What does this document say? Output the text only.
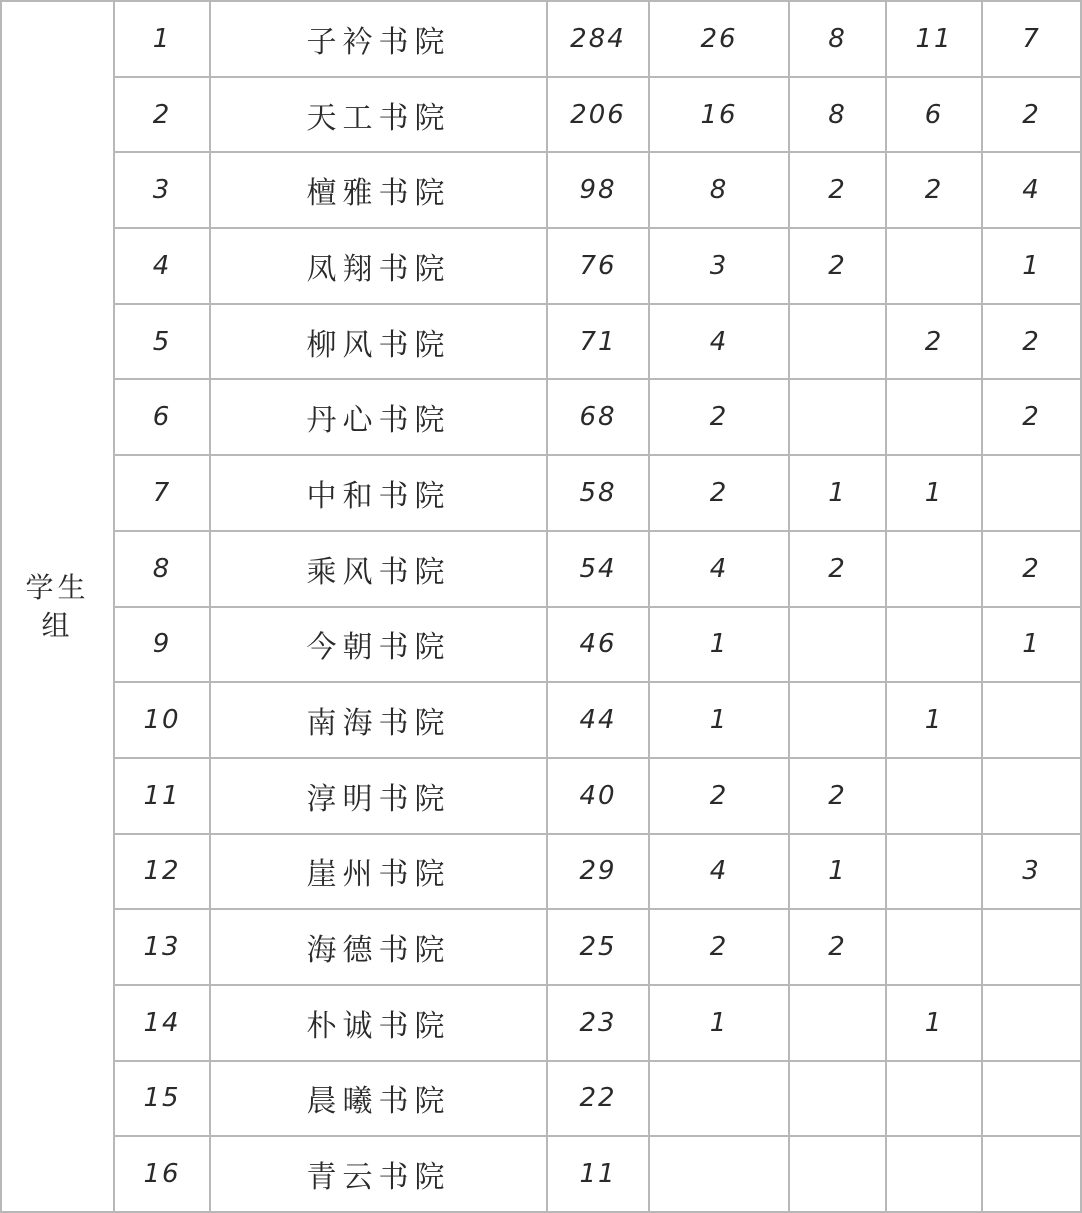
学生组	1	子衿书院	284	26	8	11	7
	2	天工书院	206	16	8	6	2
	3	檀雅书院	98	8	2	2	4
	4	凤翔书院	76	3	2		1
	5	柳风书院	71	4		2	2
	6	丹心书院	68	2			2
	7	中和书院	58	2	1	1	
	8	乘风书院	54	4	2		2
	9	今朝书院	46	1			1
	10	南海书院	44	1		1	
	11	淳明书院	40	2	2		
	12	崖州书院	29	4	1		3
	13	海德书院	25	2	2		
	14	朴诚书院	23	1		1	
	15	晨曦书院	22				
	16	青云书院	11				
